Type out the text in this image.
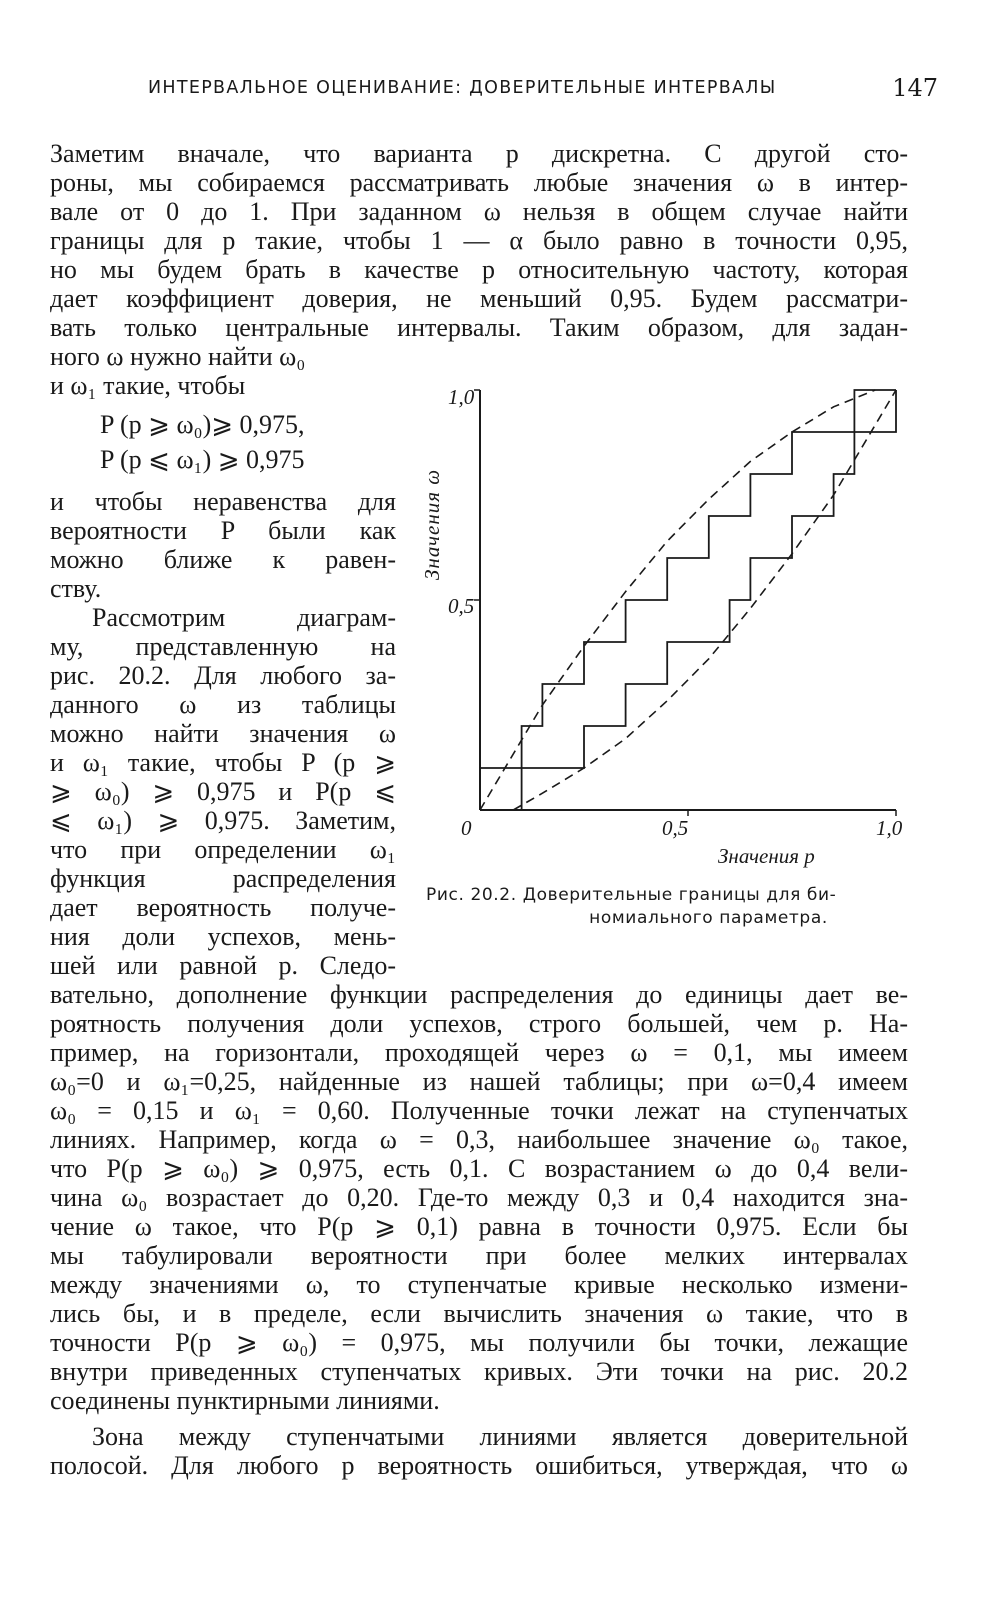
ИНТЕРВАЛЬНОЕ ОЦЕНИВАНИЕ: ДОВЕРИТЕЛЬНЫЕ ИНТЕРВАЛЫ	147
Заметим вначале, что варианта p дискретна. С другой сто-
роны, мы собираемся рассматривать любые значения ω в интер-
вале от 0 до 1. При заданном ω нельзя в общем случае найти
границы для p такие, чтобы 1 — α было равно в точности 0,95,
но мы будем брать в качестве p относительную частоту, которая
дает коэффициент доверия, не меньший 0,95. Будем рассматри-
вать только центральные интервалы. Таким образом, для задан-
ного ω нужно найти ω₀
и ω₁ такие, чтобы
P (p ⩾ ω₀)⩾ 0,975,
P (p ⩽ ω₁) ⩾ 0,975
и чтобы неравенства для
вероятности P были как
можно ближе к равен-
ству.
Рассмотрим диаграм-
му, представленную на
рис. 20.2. Для любого за-
данного ω из таблицы
можно найти значения ω
и ω₁ такие, чтобы P (p ⩾
⩾ ω₀) ⩾ 0,975 и P(p ⩽
⩽ ω₁) ⩾ 0,975. Заметим,
что при определении ω₁
функция распределения
дает вероятность получе-
ния доли успехов, мень-
шей или равной p. Следо-
вательно, дополнение функции распределения до единицы дает ве-
роятность получения доли успехов, строго большей, чем p. На-
пример, на горизонтали, проходящей через ω = 0,1, мы имеем
ω₀=0 и ω₁=0,25, найденные из нашей таблицы; при ω=0,4 имеем
ω₀ = 0,15 и ω₁ = 0,60. Полученные точки лежат на ступенчатых
линиях. Например, когда ω = 0,3, наибольшее значение ω₀ такое,
что P(p ⩾ ω₀) ⩾ 0,975, есть 0,1. С возрастанием ω до 0,4 вели-
чина ω₀ возрастает до 0,20. Где-то между 0,3 и 0,4 находится зна-
чение ω такое, что P(p ⩾ 0,1) равна в точности 0,975. Если бы
мы табулировали вероятности при более мелких интервалах
между значениями ω, то ступенчатые кривые несколько измени-
лись бы, и в пределе, если вычислить значения ω такие, что в
точности P(p ⩾ ω₀) = 0,975, мы получили бы точки, лежащие
внутри приведенных ступенчатых кривых. Эти точки на рис. 20.2
соединены пунктирными линиями.
Зона между ступенчатыми линиями является доверительной
полосой. Для любого p вероятность ошибиться, утверждая, что ω
1,0
0,5
0	0,5	1,0
Значения p
Значения ω
Рис. 20.2. Доверительные границы для би-
номиального параметра.
